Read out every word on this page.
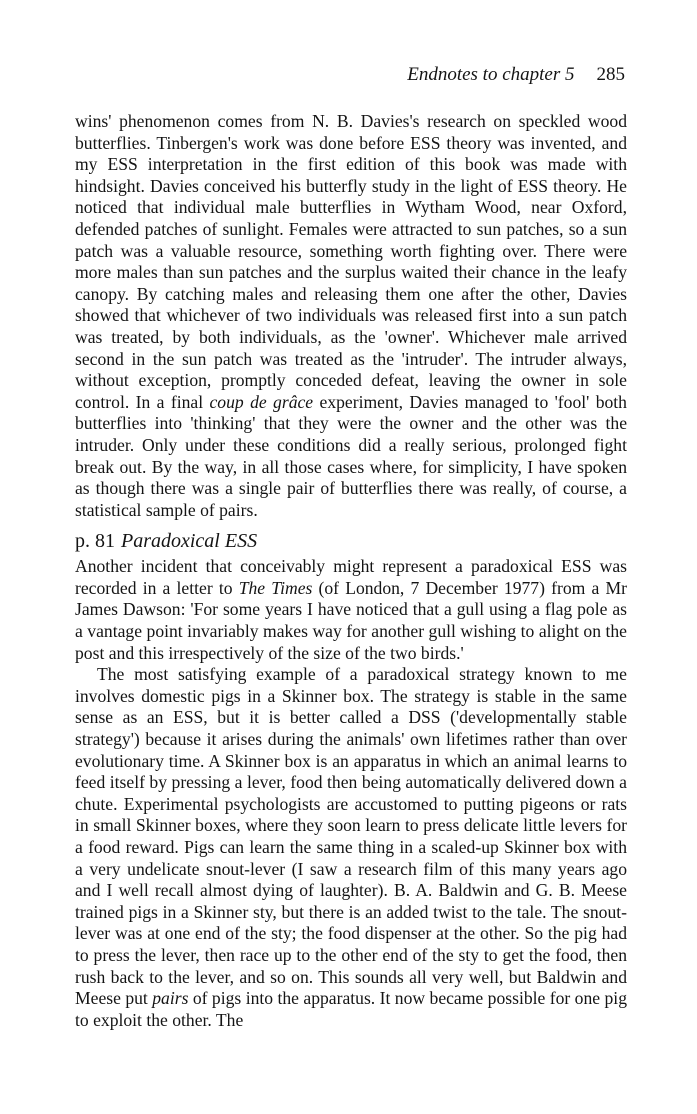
Endnotes to chapter 5 285

wins' phenomenon comes from N. B. Davies's research on speckled wood butterflies. Tinbergen's work was done before ESS theory was invented, and my ESS interpretation in the first edition of this book was made with hindsight. Davies conceived his butterfly study in the light of ESS theory. He noticed that individual male butterflies in Wytham Wood, near Oxford, defended patches of sunlight. Females were attracted to sun patches, so a sun patch was a valuable resource, something worth fighting over. There were more males than sun patches and the surplus waited their chance in the leafy canopy. By catching males and releasing them one after the other, Davies showed that whichever of two individuals was released first into a sun patch was treated, by both individuals, as the 'owner'. Whichever male arrived second in the sun patch was treated as the 'intruder'. The intruder always, without exception, promptly conceded defeat, leaving the owner in sole control. In a final coup de grâce experiment, Davies managed to 'fool' both butterflies into 'thinking' that they were the owner and the other was the intruder. Only under these conditions did a really serious, prolonged fight break out. By the way, in all those cases where, for simplicity, I have spoken as though there was a single pair of butterflies there was really, of course, a statistical sample of pairs.

p. 81 Paradoxical ESS

Another incident that conceivably might represent a paradoxical ESS was recorded in a letter to The Times (of London, 7 December 1977) from a Mr James Dawson: 'For some years I have noticed that a gull using a flag pole as a vantage point invariably makes way for another gull wishing to alight on the post and this irrespectively of the size of the two birds.'

The most satisfying example of a paradoxical strategy known to me involves domestic pigs in a Skinner box. The strategy is stable in the same sense as an ESS, but it is better called a DSS ('developmentally stable strategy') because it arises during the animals' own lifetimes rather than over evolutionary time. A Skinner box is an apparatus in which an animal learns to feed itself by pressing a lever, food then being automatically delivered down a chute. Experimental psychologists are accustomed to putting pigeons or rats in small Skinner boxes, where they soon learn to press delicate little levers for a food reward. Pigs can learn the same thing in a scaled-up Skinner box with a very undelicate snout-lever (I saw a research film of this many years ago and I well recall almost dying of laughter). B. A. Baldwin and G. B. Meese trained pigs in a Skinner sty, but there is an added twist to the tale. The snout-lever was at one end of the sty; the food dispenser at the other. So the pig had to press the lever, then race up to the other end of the sty to get the food, then rush back to the lever, and so on. This sounds all very well, but Baldwin and Meese put pairs of pigs into the apparatus. It now became possible for one pig to exploit the other. The
